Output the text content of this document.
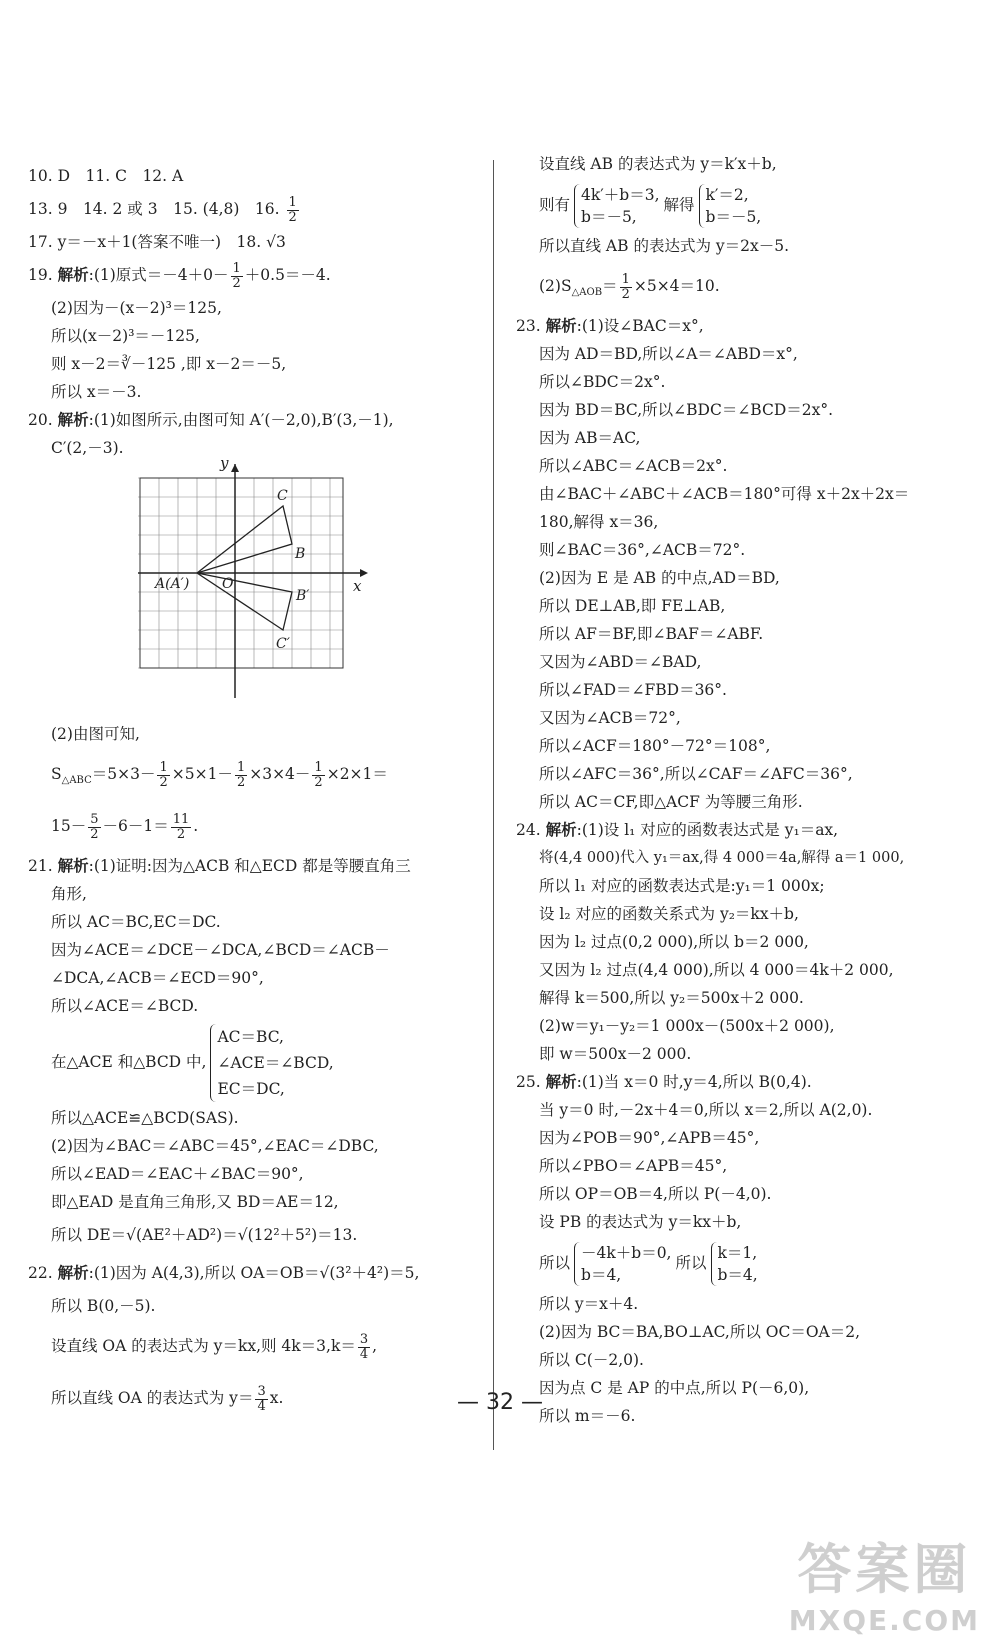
10. D　11. C　12. A
13. 9　14. 2 或 3　15. (4,8)　16. $\frac{1}{2}$
17. y＝－x＋1(答案不唯一)　18. √3
19. 解析:(1)原式$=-4+0- \frac{1}{2} +0.5=-4$.
(2)因为－(x－2)³＝125,
所以(x－2)³＝－125,
则 x－2＝∛－125 ,即 x－2＝－5,
所以 x＝－3.
20. 解析:(1)如图所示,由图可知 A′(－2,0),B′(3,－1),
C′(2,－3).
y
x
O
A(A′)
B
C
B′
C′
(2)由图可知,
$S_{\triangle ABC}=5\times 3- \frac{1}{2} \times 5\times 1- \frac{1}{2} \times 3\times 4- \frac{1}{2} \times 2\times 1=$
$15- \frac{5}{2} -6-1= \frac{11}{2}$ .
21. 解析:(1)证明:因为△ACB 和△ECD 都是等腰直角三
角形,
所以 AC＝BC,EC＝DC.
因为∠ACE＝∠DCE－∠DCA,∠BCD＝∠ACB－
∠DCA,∠ACB＝∠ECD＝90°,
所以∠ACE＝∠BCD.
在△ACE 和△BCD 中,
AC＝BC,
∠ACE＝∠BCD,
EC＝DC,
所以△ACE≌△BCD(SAS).
(2)因为∠BAC＝∠ABC＝45°,∠EAC＝∠DBC,
所以∠EAD＝∠EAC＋∠BAC＝90°,
即△EAD 是直角三角形,又 BD＝AE＝12,
所以 DE＝√(AE²＋AD²)＝√(12²＋5²)＝13.
22. 解析:(1)因为 A(4,3),所以 OA＝OB＝√(3²＋4²)＝5,
所以 B(0,－5).
设直线 OA 的表达式为 y＝kx,则 $4k=3,k= \frac{3}{4}$ ,
所以直线 OA 的表达式为 $y= \frac{3}{4} x$.
设直线 AB 的表达式为 y＝k′x＋b,
则有
4k′＋b＝3,
b＝－5,
解得
k′＝2,
b＝－5,
所以直线 AB 的表达式为 y＝2x－5.
$(2)S_{\triangle AOB}= \frac{1}{2} \times 5\times 4=10$.
23. 解析:(1)设∠BAC＝x°,
因为 AD＝BD,所以∠A＝∠ABD＝x°,
所以∠BDC＝2x°.
因为 BD＝BC,所以∠BDC＝∠BCD＝2x°.
因为 AB＝AC,
所以∠ABC＝∠ACB＝2x°.
由∠BAC＋∠ABC＋∠ACB＝180°可得 x＋2x＋2x＝
180,解得 x＝36,
则∠BAC＝36°,∠ACB＝72°.
(2)因为 E 是 AB 的中点,AD＝BD,
所以 DE⊥AB,即 FE⊥AB,
所以 AF＝BF,即∠BAF＝∠ABF.
又因为∠ABD＝∠BAD,
所以∠FAD＝∠FBD＝36°.
又因为∠ACB＝72°,
所以∠ACF＝180°－72°＝108°,
所以∠AFC＝36°,所以∠CAF＝∠AFC＝36°,
所以 AC＝CF,即△ACF 为等腰三角形.
24. 解析:(1)设 l₁ 对应的函数表达式是 y₁＝ax,
将(4,4 000)代入 y₁＝ax,得 4 000＝4a,解得 a＝1 000,
所以 l₁ 对应的函数表达式是:y₁＝1 000x;
设 l₂ 对应的函数关系式为 y₂＝kx＋b,
因为 l₂ 过点(0,2 000),所以 b＝2 000,
又因为 l₂ 过点(4,4 000),所以 4 000＝4k＋2 000,
解得 k＝500,所以 y₂＝500x＋2 000.
(2)w＝y₁－y₂＝1 000x－(500x＋2 000),
即 w＝500x－2 000.
25. 解析:(1)当 x＝0 时,y＝4,所以 B(0,4).
当 y＝0 时,－2x＋4＝0,所以 x＝2,所以 A(2,0).
因为∠POB＝90°,∠APB＝45°,
所以∠PBO＝∠APB＝45°,
所以 OP＝OB＝4,所以 P(－4,0).
设 PB 的表达式为 y＝kx＋b,
所以
－4k＋b＝0,
b＝4,
所以
k＝1,
b＝4,
所以 y＝x＋4.
(2)因为 BC＝BA,BO⊥AC,所以 OC＝OA＝2,
所以 C(－2,0).
因为点 C 是 AP 的中点,所以 P(－6,0),
所以 m＝－6.
— 32 —
答案圈
MXQE.COM
